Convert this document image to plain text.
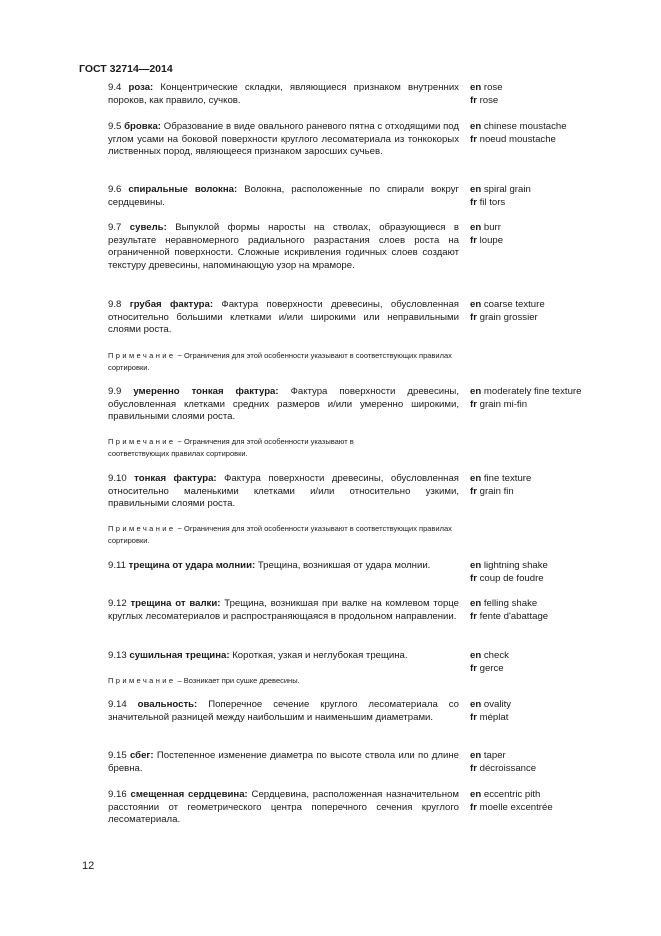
ГОСТ 32714—2014
9.4 роза: Концентрические складки, являющиеся признаком внутренних пороков, как правило, сучков.
en rose
fr rose
9.5 бровка: Образование в виде овального раневого пятна с отходящими под углом усами на боковой поверхности круглого лесоматериала из тонкокорых лиственных пород, являющееся признаком заросших сучьев.
en chinese moustache
fr noeud moustache
9.6 спиральные волокна: Волокна, расположенные по спирали вокруг сердцевины.
en spiral grain
fr fil tors
9.7 сувель: Выпуклой формы наросты на стволах, образующиеся в результате неравномерного радиального разрастания слоев роста на ограниченной поверхности. Сложные искривления годичных слоев создают текстуру древесины, напоминающую узор на мраморе.
en burr
fr loupe
9.8 грубая фактура: Фактура поверхности древесины, обусловленная относительно большими клетками и/или широкими или неправильными слоями роста.
en coarse texture
fr grain grossier
Примечание − Ограничения для этой особенности указывают в соответствующих правилах сортировки.
9.9 умеренно тонкая фактура: Фактура поверхности древесины, обусловленная клетками средних размеров и/или умеренно широкими, правильными слоями роста.
en moderately fine texture
fr grain mi-fin
Примечание − Ограничения для этой особенности указывают в соответствующих правилах сортировки.
9.10 тонкая фактура: Фактура поверхности древесины, обусловленная относительно маленькими клетками и/или относительно узкими, правильными слоями роста.
en fine texture
fr grain fin
Примечание − Ограничения для этой особенности указывают в соответствующих правилах сортировки.
9.11 трещина от удара молнии: Трещина, возникшая от удара молнии.	en lightning shake
fr coup de foudre
9.12 трещина от валки: Трещина, возникшая при валке на комлевом торце круглых лесоматериалов и распространяющаяся в продольном направлении.
en felling shake
fr fente d'abattage
9.13 сушильная трещина: Короткая, узкая и неглубокая трещина.	en check
fr gerce
Примечание – Возникает при сушке древесины.
9.14 овальность: Поперечное сечение круглого лесоматериала со значительной разницей между наибольшим и наименьшим диаметрами.
en ovality
fr méplat
9.15 сбег: Постепенное изменение диаметра по высоте ствола или по длине бревна.
en taper
fr décroissance
9.16 смещенная сердцевина: Сердцевина, расположенная назначительном расстоянии от геометрического центра поперечного сечения круглого лесоматериала.
en eccentric pith
fr moelle excentrée
12
